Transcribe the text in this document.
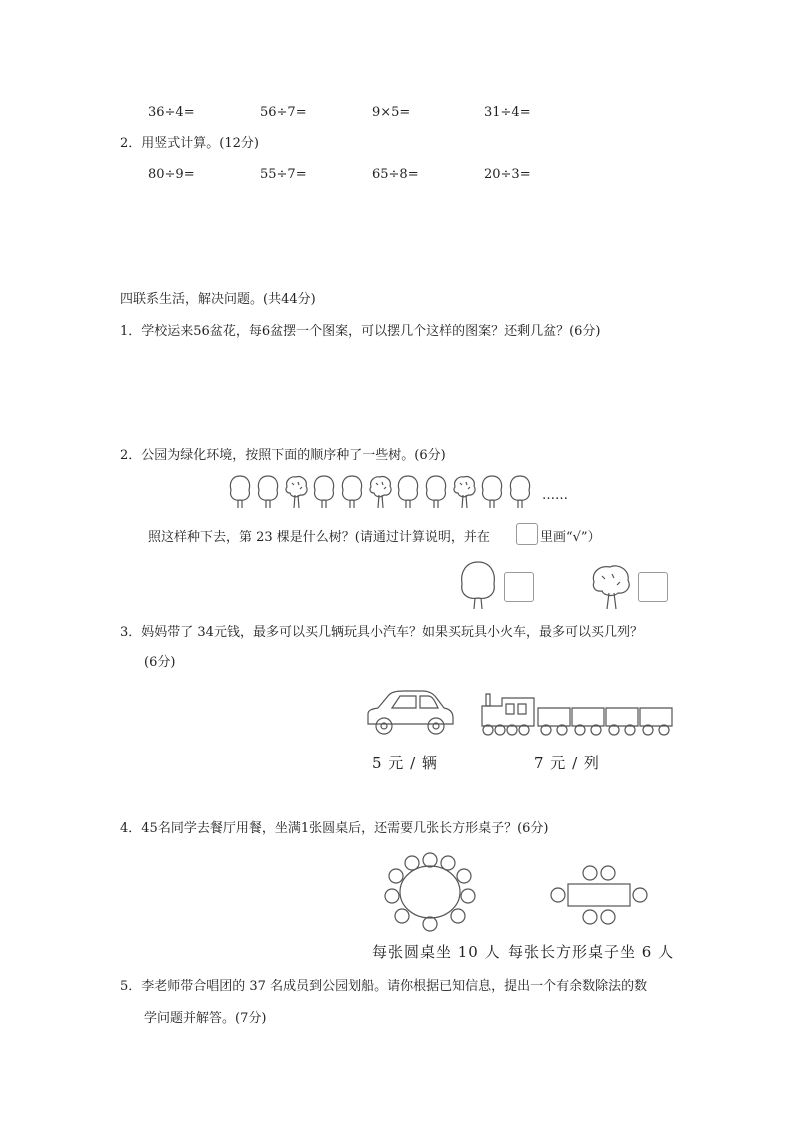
36÷4=	56÷7=	9×5=	31÷4=
2．用竖式计算。(12分)
80÷9=	55÷7=	65÷8=	20÷3=
四联系生活，解决问题。(共44分)
1．学校运来56盆花，每6盆摆一个图案，可以摆几个这样的图案？还剩几盆？(6分)
2．公园为绿化环境，按照下面的顺序种了一些树。(6分)
……
照这样种下去，第 23 棵是什么树？(请通过计算说明，并在	里画“√”）
3．妈妈带了 34元钱，最多可以买几辆玩具小汽车？如果买玩具小火车，最多可以买几列？
(6分)
5 元 / 辆	7 元 / 列
4．45名同学去餐厅用餐，坐满1张圆桌后，还需要几张长方形桌子？(6分)
每张圆桌坐 10 人 每张长方形桌子坐 6 人
5．李老师带合唱团的 37 名成员到公园划船。请你根据已知信息，提出一个有余数除法的数
学问题并解答。(7分)
